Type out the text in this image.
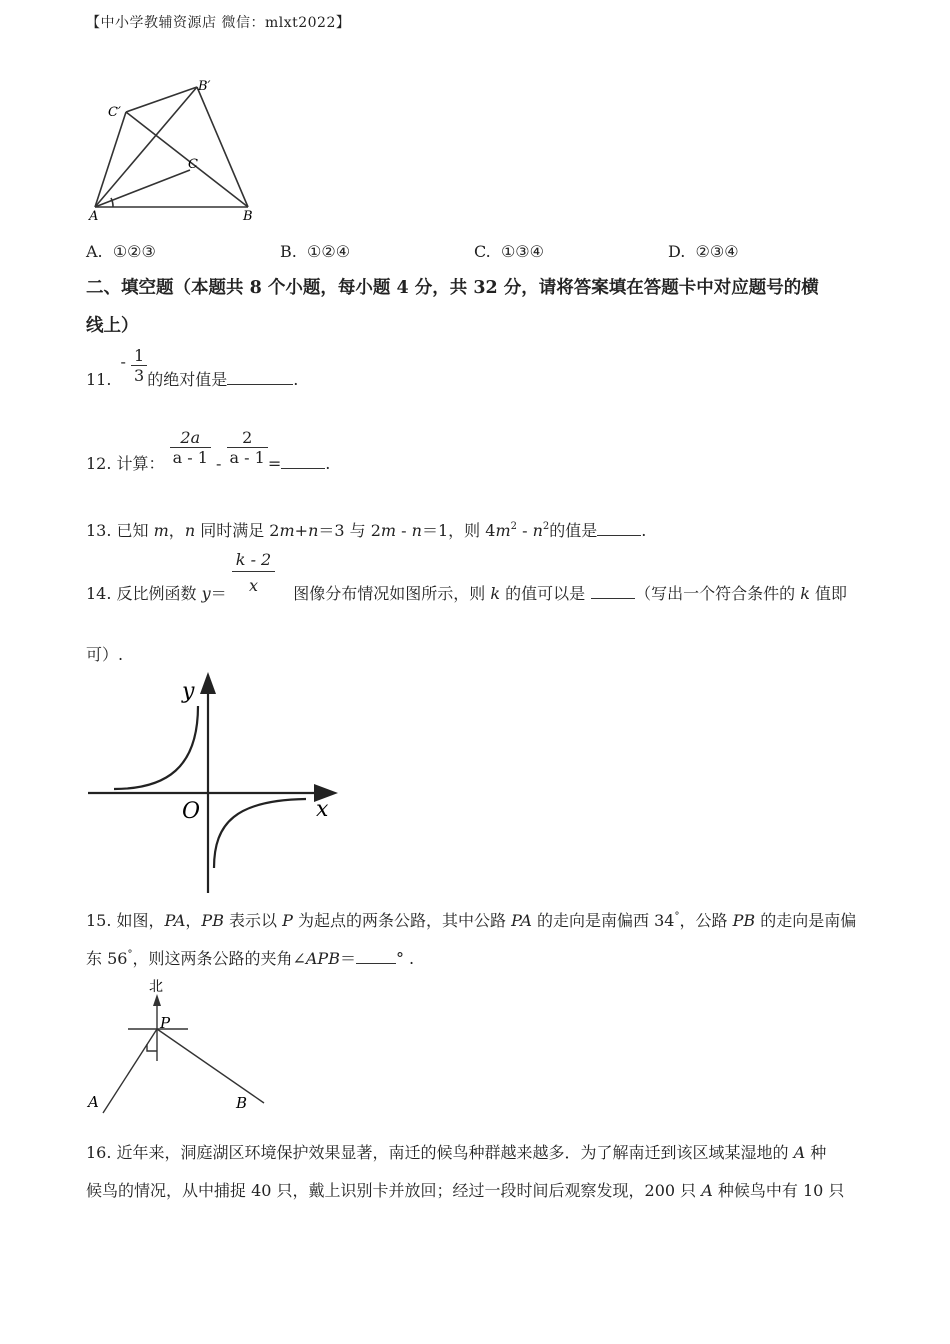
【中小学教辅资源店 微信：mlxt2022】
B′
C′
C
A	B
A. ①②③	B. ①②④	C. ①③④	D. ②③④
二、填空题（本题共 8 个小题，每小题 4 分，共 32 分，请将答案填在答题卡中对应题号的横
线上）
11. - $\frac{1}{3}$ 的绝对值是	.
12. 计算： $\frac{2a}{a - 1} - \frac{2}{a - 1}$ =	.
13. 已知 m，n 同时满足 2m+n＝3 与 2m - n＝1，则 $4m^2 - n^2$的值是	.
14. 反比例函数 $y= \frac{k - 2}{x}$ 图像分布情况如图所示，则 k 的值可以是	（写出一个符合条件的 k 值即
可）.
y
O	x
15. 如图，PA，PB 表示以 P 为起点的两条公路，其中公路 PA 的走向是南偏西 34°，公路 PB 的走向是南偏
东 56°，则这两条公路的夹角∠APB＝	° .
北
P
A	B
16. 近年来，洞庭湖区环境保护效果显著，南迁的候鸟种群越来越多．为了解南迁到该区域某湿地的 A 种
候鸟的情况，从中捕捉 40 只，戴上识别卡并放回；经过一段时间后观察发现，200 只 A 种候鸟中有 10 只
